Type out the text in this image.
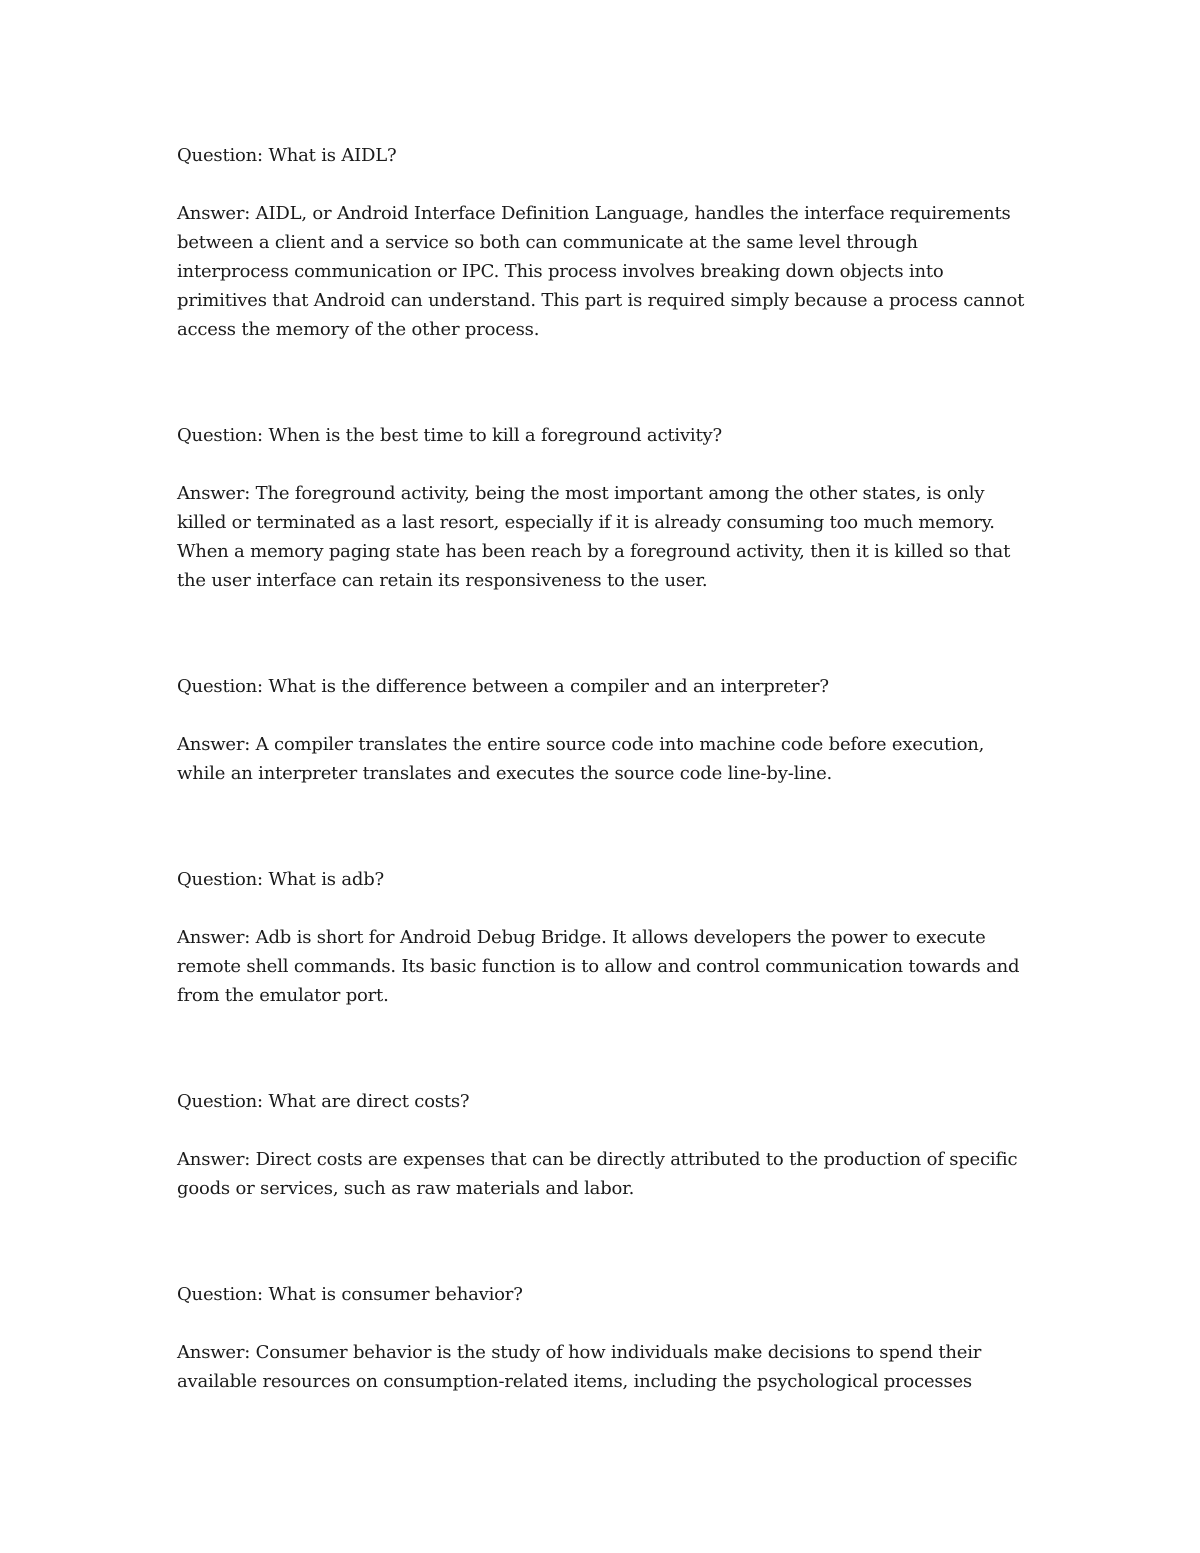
Question: What is AIDL?

Answer: AIDL, or Android Interface Definition Language, handles the interface requirements between a client and a service so both can communicate at the same level through interprocess communication or IPC. This process involves breaking down objects into primitives that Android can understand. This part is required simply because a process cannot access the memory of the other process.

Question: When is the best time to kill a foreground activity?

Answer: The foreground activity, being the most important among the other states, is only killed or terminated as a last resort, especially if it is already consuming too much memory. When a memory paging state has been reach by a foreground activity, then it is killed so that the user interface can retain its responsiveness to the user.

Question: What is the difference between a compiler and an interpreter?

Answer: A compiler translates the entire source code into machine code before execution, while an interpreter translates and executes the source code line-by-line.

Question: What is adb?

Answer: Adb is short for Android Debug Bridge. It allows developers the power to execute remote shell commands. Its basic function is to allow and control communication towards and from the emulator port.

Question: What are direct costs?

Answer: Direct costs are expenses that can be directly attributed to the production of specific goods or services, such as raw materials and labor.

Question: What is consumer behavior?

Answer: Consumer behavior is the study of how individuals make decisions to spend their available resources on consumption-related items, including the psychological processes
